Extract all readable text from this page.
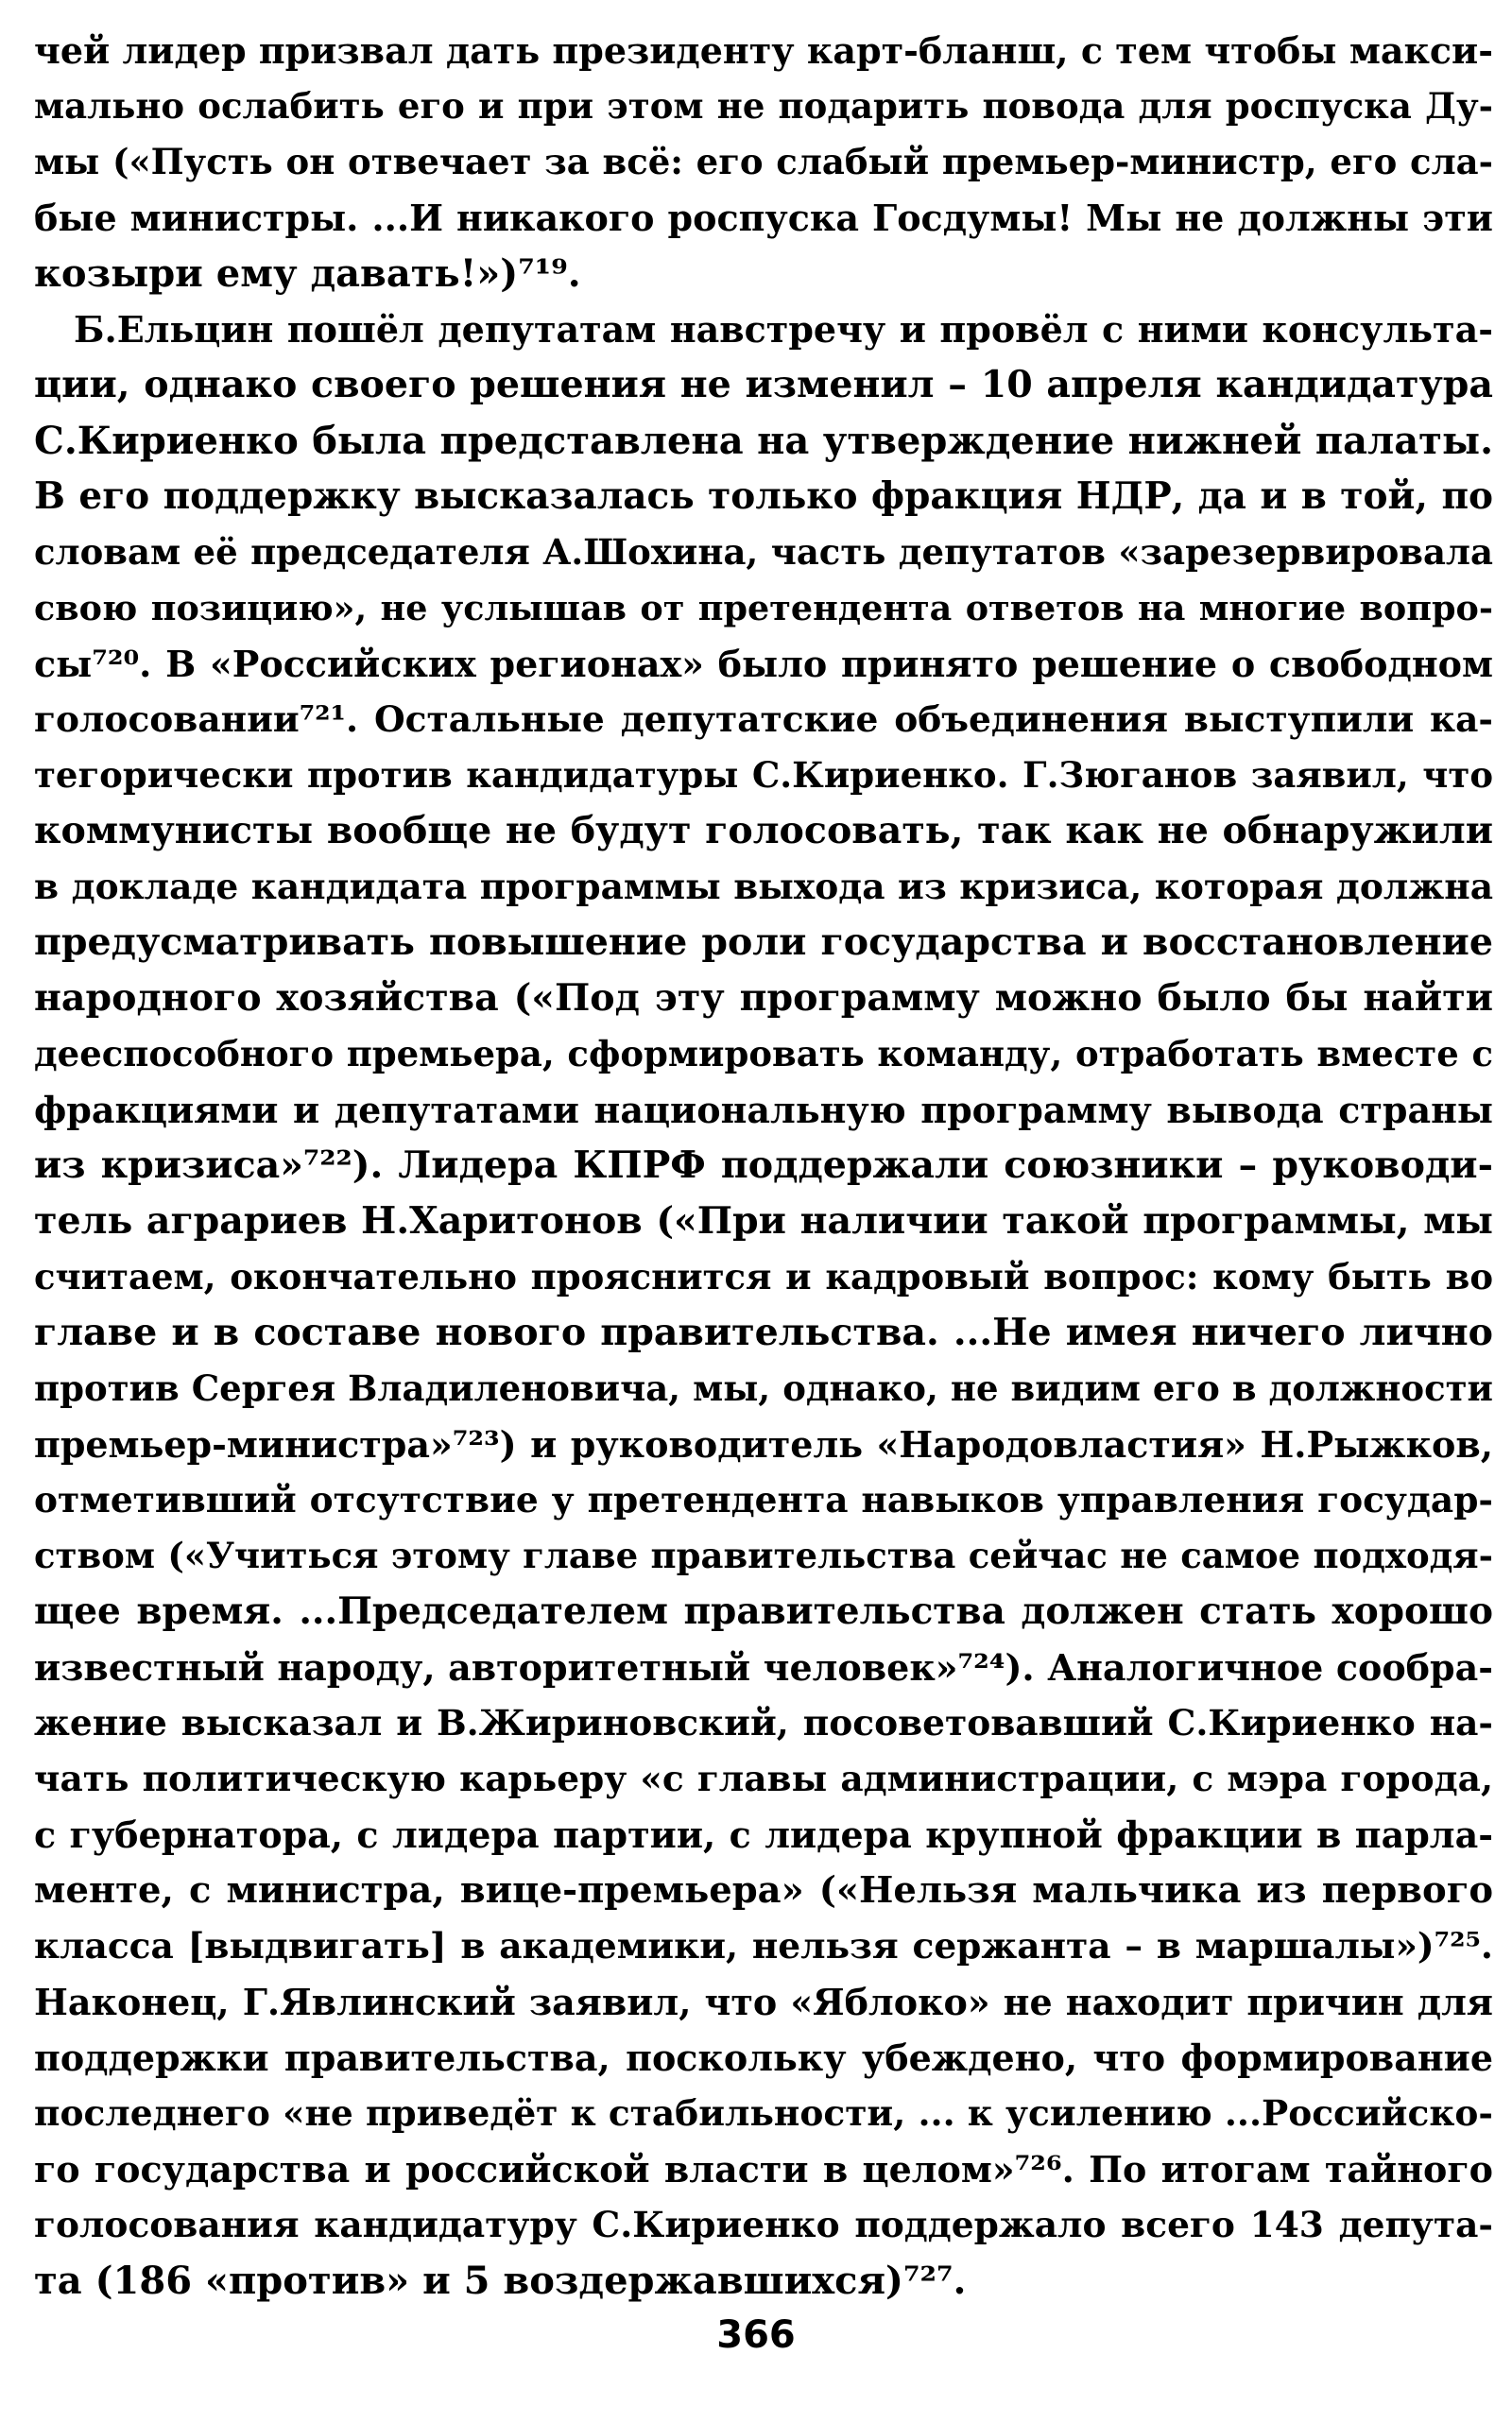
чей лидер призвал дать президенту карт-бланш, с тем чтобы макси-
мально ослабить его и при этом не подарить повода для роспуска Ду-
мы («Пусть он отвечает за всё: его слабый премьер-министр, его сла-
бые министры. ...И никакого роспуска Госдумы! Мы не должны эти
козыри ему давать!»)⁷¹⁹.
Б.Ельцин пошёл депутатам навстречу и провёл с ними консульта-
ции, однако своего решения не изменил – 10 апреля кандидатура
С.Кириенко была представлена на утверждение нижней палаты.
В его поддержку высказалась только фракция НДР, да и в той, по
словам её председателя А.Шохина, часть депутатов «зарезервировала
свою позицию», не услышав от претендента ответов на многие вопро-
сы⁷²⁰. В «Российских регионах» было принято решение о свободном
голосовании⁷²¹. Остальные депутатские объединения выступили ка-
тегорически против кандидатуры С.Кириенко. Г.Зюганов заявил, что
коммунисты вообще не будут голосовать, так как не обнаружили
в докладе кандидата программы выхода из кризиса, которая должна
предусматривать повышение роли государства и восстановление
народного хозяйства («Под эту программу можно было бы найти
дееспособного премьера, сформировать команду, отработать вместе с
фракциями и депутатами национальную программу вывода страны
из кризиса»⁷²²). Лидера КПРФ поддержали союзники – руководи-
тель аграриев Н.Харитонов («При наличии такой программы, мы
считаем, окончательно прояснится и кадровый вопрос: кому быть во
главе и в составе нового правительства. ...Не имея ничего лично
против Сергея Владиленовича, мы, однако, не видим его в должности
премьер-министра»⁷²³) и руководитель «Народовластия» Н.Рыжков,
отметивший отсутствие у претендента навыков управления государ-
ством («Учиться этому главе правительства сейчас не самое подходя-
щее время. ...Председателем правительства должен стать хорошо
известный народу, авторитетный человек»⁷²⁴). Аналогичное сообра-
жение высказал и В.Жириновский, посоветовавший С.Кириенко на-
чать политическую карьеру «с главы администрации, с мэра города,
с губернатора, с лидера партии, с лидера крупной фракции в парла-
менте, с министра, вице-премьера» («Нельзя мальчика из первого
класса [выдвигать] в академики, нельзя сержанта – в маршалы»)⁷²⁵.
Наконец, Г.Явлинский заявил, что «Яблоко» не находит причин для
поддержки правительства, поскольку убеждено, что формирование
последнего «не приведёт к стабильности, ... к усилению ...Российско-
го государства и российской власти в целом»⁷²⁶. По итогам тайного
голосования кандидатуру С.Кириенко поддержало всего 143 депута-
та (186 «против» и 5 воздержавшихся)⁷²⁷.
366
